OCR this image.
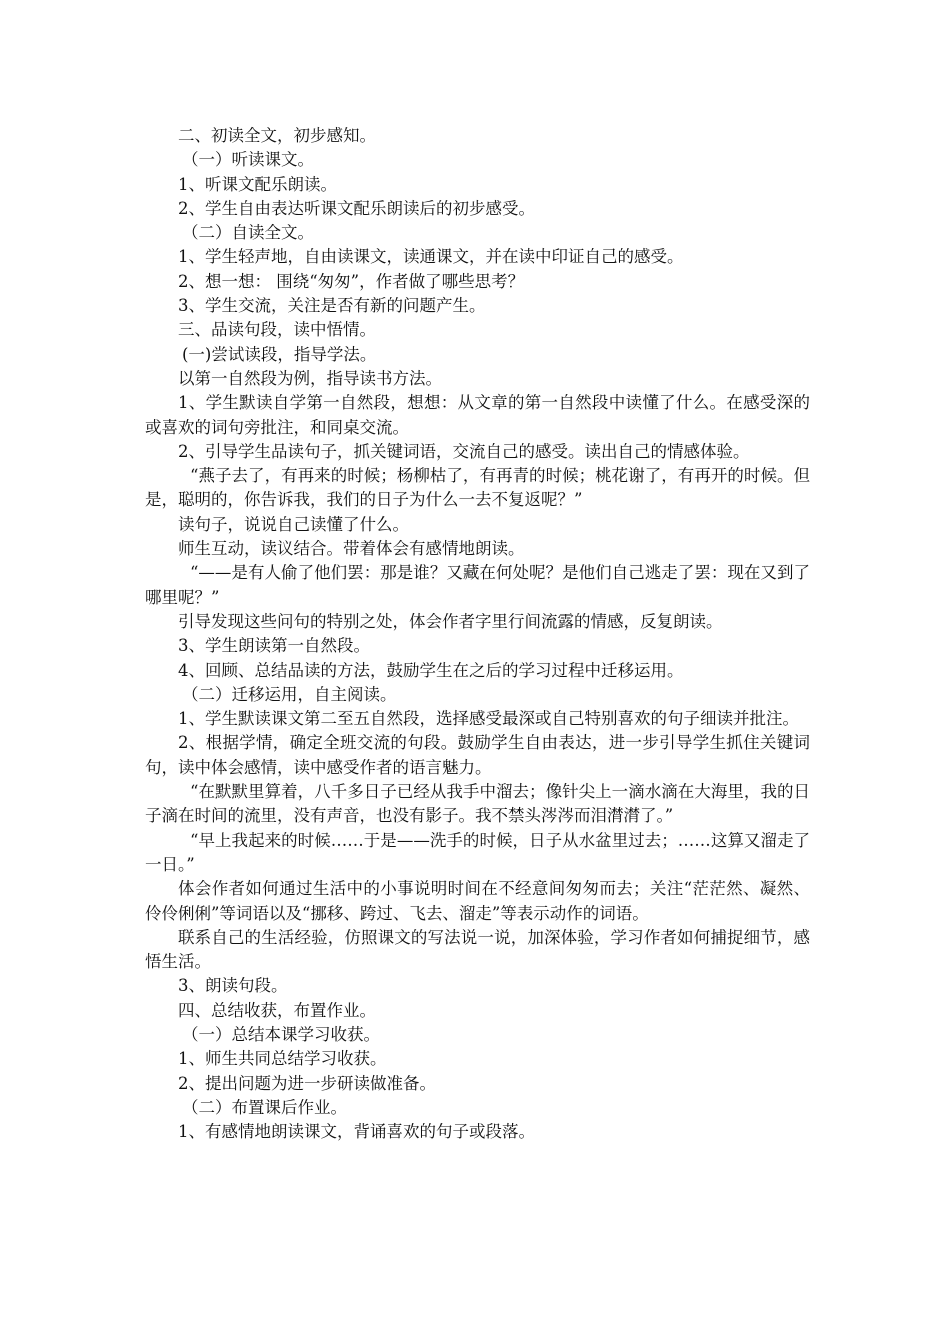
二、初读全文，初步感知。

（一）听读课文。

1、听课文配乐朗读。

2、学生自由表达听课文配乐朗读后的初步感受。

（二）自读全文。

1、学生轻声地，自由读课文，读通课文，并在读中印证自己的感受。

2、想一想： 围绕“匆匆”，作者做了哪些思考？

3、学生交流，关注是否有新的问题产生。

三、品读句段，读中悟情。

(一)尝试读段，指导学法。

以第一自然段为例，指导读书方法。

1、学生默读自学第一自然段，想想：从文章的第一自然段中读懂了什么。在感受深的或喜欢的词句旁批注，和同桌交流。

2、引导学生品读句子，抓关键词语，交流自己的感受。读出自己的情感体验。

“燕子去了，有再来的时候；杨柳枯了，有再青的时候；桃花谢了，有再开的时候。但是，聪明的，你告诉我，我们的日子为什么一去不复返呢？”

读句子，说说自己读懂了什么。

师生互动，读议结合。带着体会有感情地朗读。

“——是有人偷了他们罢：那是谁？又藏在何处呢？是他们自己逃走了罢：现在又到了哪里呢？”

引导发现这些问句的特别之处，体会作者字里行间流露的情感，反复朗读。

3、学生朗读第一自然段。

4、回顾、总结品读的方法，鼓励学生在之后的学习过程中迁移运用。

（二）迁移运用，自主阅读。

1、学生默读课文第二至五自然段，选择感受最深或自己特别喜欢的句子细读并批注。

2、根据学情，确定全班交流的句段。鼓励学生自由表达，进一步引导学生抓住关键词句，读中体会感情，读中感受作者的语言魅力。

“在默默里算着，八千多日子已经从我手中溜去；像针尖上一滴水滴在大海里，我的日子滴在时间的流里，没有声音，也没有影子。我不禁头涔涔而泪潸潸了。”

“早上我起来的时候……于是——洗手的时候，日子从水盆里过去；……这算又溜走了一日。”

体会作者如何通过生活中的小事说明时间在不经意间匆匆而去；关注“茫茫然、凝然、伶伶俐俐”等词语以及“挪移、跨过、飞去、溜走”等表示动作的词语。

联系自己的生活经验，仿照课文的写法说一说，加深体验，学习作者如何捕捉细节，感悟生活。

3、朗读句段。

四、总结收获，布置作业。

（一）总结本课学习收获。

1、师生共同总结学习收获。

2、提出问题为进一步研读做准备。

（二）布置课后作业。

1、有感情地朗读课文，背诵喜欢的句子或段落。
